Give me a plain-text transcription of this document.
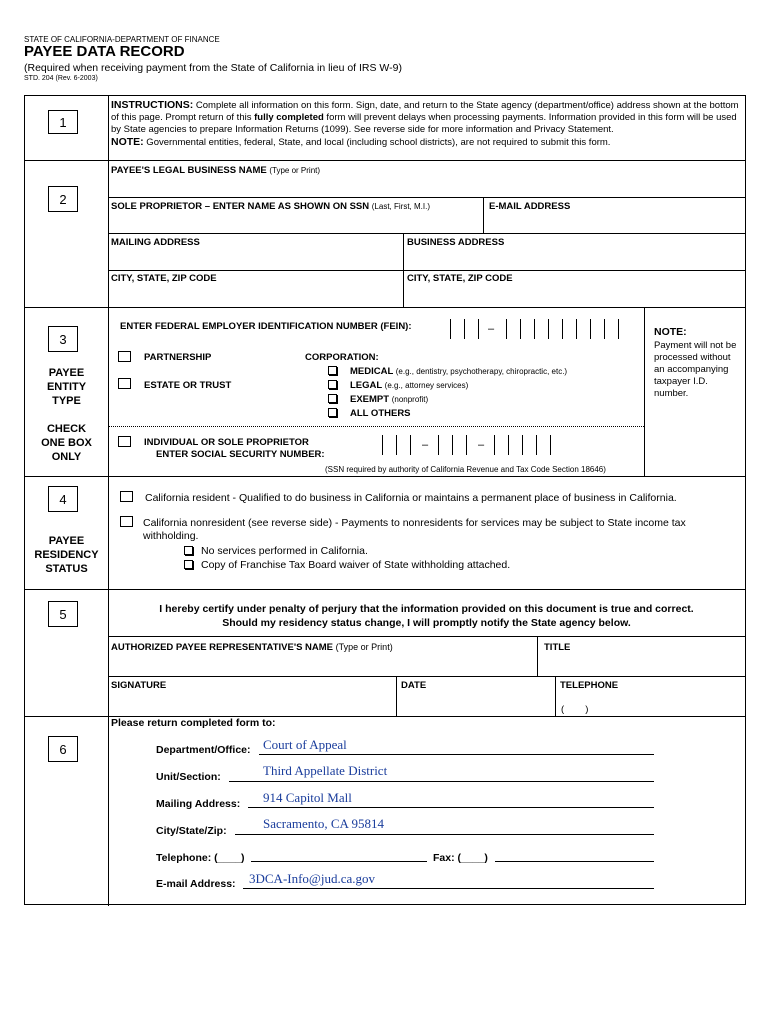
STATE OF CALIFORNIA-DEPARTMENT OF FINANCE
PAYEE DATA RECORD
(Required when receiving payment from the State of California in lieu of IRS W-9)
STD. 204 (Rev. 6-2003)
1
INSTRUCTIONS: Complete all information on this form. Sign, date, and return to the State agency (department/office) address shown at the bottom of this page. Prompt return of this fully completed form will prevent delays when processing payments. Information provided in this form will be used by State agencies to prepare Information Returns (1099). See reverse side for more information and Privacy Statement.
NOTE: Governmental entities, federal, State, and local (including school districts), are not required to submit this form.
2
PAYEE'S LEGAL BUSINESS NAME (Type or Print)
SOLE PROPRIETOR – ENTER NAME AS SHOWN ON SSN (Last, First, M.I.)	E-MAIL ADDRESS
MAILING ADDRESS	BUSINESS ADDRESS
CITY, STATE, ZIP CODE	CITY, STATE, ZIP CODE
3
PAYEE
ENTITY
TYPE
CHECK
ONE BOX
ONLY
ENTER FEDERAL EMPLOYER IDENTIFICATION NUMBER (FEIN):	–
PARTNERSHIP
ESTATE OR TRUST
CORPORATION:
MEDICAL (e.g., dentistry, psychotherapy, chiropractic, etc.)
LEGAL (e.g., attorney services)
EXEMPT (nonprofit)
ALL OTHERS
INDIVIDUAL OR SOLE PROPRIETOR
ENTER SOCIAL SECURITY NUMBER:
–	–
(SSN required by authority of California Revenue and Tax Code Section 18646)
NOTE:
Payment will not be processed without an accompanying taxpayer I.D. number.
4
PAYEE
RESIDENCY
STATUS
California resident - Qualified to do business in California or maintains a permanent place of business in California.
California nonresident (see reverse side) - Payments to nonresidents for services may be subject to State income tax withholding.
No services performed in California.
Copy of Franchise Tax Board waiver of State withholding attached.
5	I hereby certify under penalty of perjury that the information provided on this document is true and correct.
Should my residency status change, I will promptly notify the State agency below.
AUTHORIZED PAYEE REPRESENTATIVE'S NAME (Type or Print)	TITLE
SIGNATURE	DATE	TELEPHONE
(        )
6
Please return completed form to:
Department/Office: Court of Appeal
Unit/Section:	Third Appellate District
Mailing Address: 914 Capitol Mall
City/State/Zip:	Sacramento, CA 95814
Telephone: (____)	Fax: (____)
E-mail Address: 3DCA-Info@jud.ca.gov
